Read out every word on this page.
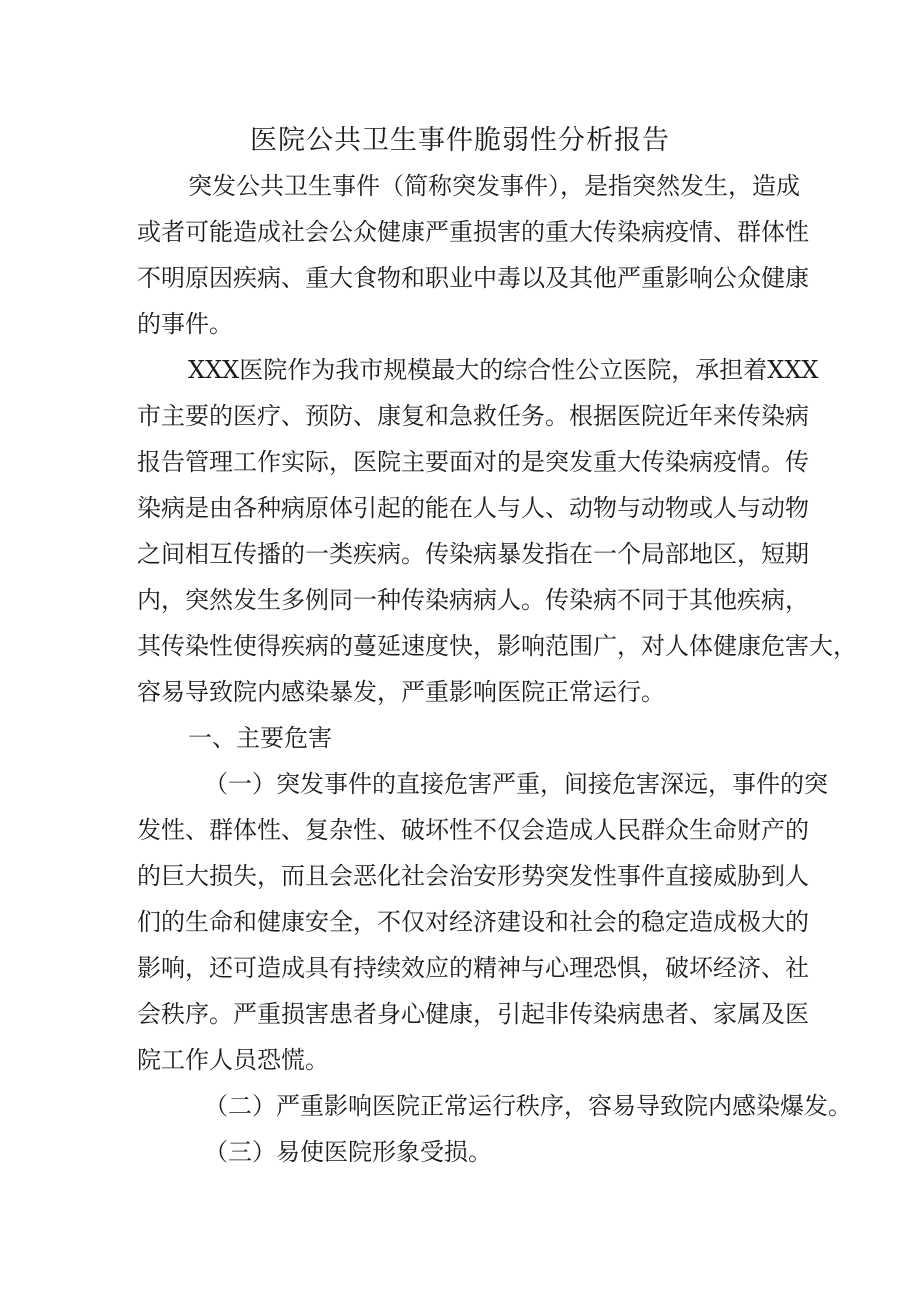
医院公共卫生事件脆弱性分析报告
突发公共卫生事件（简称突发事件），是指突然发生，造成
或者可能造成社会公众健康严重损害的重大传染病疫情、群体性
不明原因疾病、重大食物和职业中毒以及其他严重影响公众健康
的事件。
XXX医院作为我市规模最大的综合性公立医院，承担着XXX
市主要的医疗、预防、康复和急救任务。根据医院近年来传染病
报告管理工作实际，医院主要面对的是突发重大传染病疫情。传
染病是由各种病原体引起的能在人与人、动物与动物或人与动物
之间相互传播的一类疾病。传染病暴发指在一个局部地区，短期
内，突然发生多例同一种传染病病人。传染病不同于其他疾病，
其传染性使得疾病的蔓延速度快，影响范围广，对人体健康危害大，
容易导致院内感染暴发，严重影响医院正常运行。
一、主要危害
（一）突发事件的直接危害严重，间接危害深远，事件的突
发性、群体性、复杂性、破坏性不仅会造成人民群众生命财产的
的巨大损失，而且会恶化社会治安形势突发性事件直接威胁到人
们的生命和健康安全，不仅对经济建设和社会的稳定造成极大的
影响，还可造成具有持续效应的精神与心理恐惧，破坏经济、社
会秩序。严重损害患者身心健康，引起非传染病患者、家属及医
院工作人员恐慌。
（二）严重影响医院正常运行秩序，容易导致院内感染爆发。
（三）易使医院形象受损。
